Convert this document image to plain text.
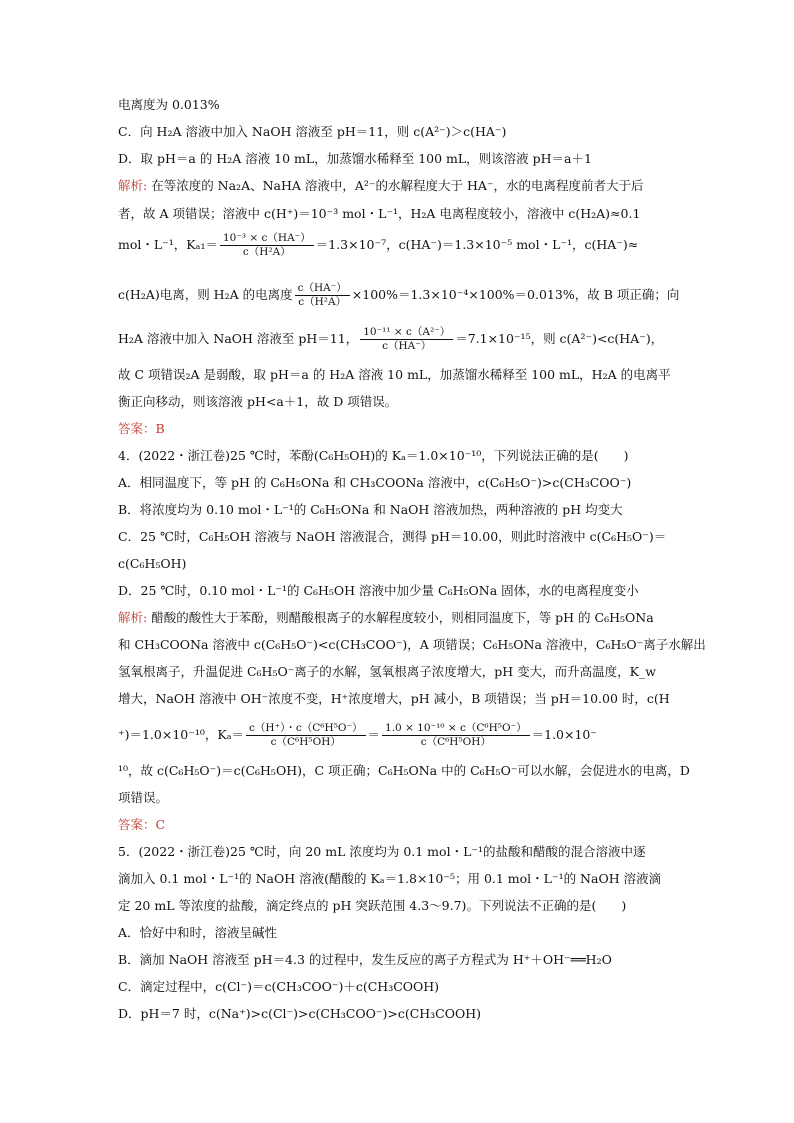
电离度为 0.013%
C．向 H₂A 溶液中加入 NaOH 溶液至 pH＝11，则 c(A²⁻)＞c(HA⁻)
D．取 pH＝a 的 H₂A 溶液 10 mL，加蒸馏水稀释至 100 mL，则该溶液 pH＝a＋1
解析: 在等浓度的 Na₂A、NaHA 溶液中，A²⁻的水解程度大于 HA⁻，水的电离程度前者大于后
者，故 A 项错误；溶液中 c(H⁺)＝10⁻³ mol・L⁻¹，H₂A 电离程度较小，溶液中 c(H₂A)≈0.1
mol・L⁻¹，$K_{a1}= \frac{\text{10⁻³ × c（HA⁻）}}{\text{c（H²A）}} =1.3\times 10^{-7}$，c(HA⁻)＝1.3×10⁻⁵ mol・L⁻¹，c(HA⁻)≈
c(H₂A)电离，则 H₂A 的电离度 $\frac{c(HA^-)}{\text{c（H²A）}} \times 100\%=1.3\times 10^{-4}\times 100\%=0.013\%$，故 B 项正确；向
H₂A 溶液中加入 NaOH 溶液至 pH＝11， $\frac{\text{10⁻¹¹ × c（A²⁻）}}{c(HA^-)} =7.1\times 10^{-15}$，则 c(A²⁻)<c(HA⁻)，
故 C 项错误₂A 是弱酸，取 pH＝a 的 H₂A 溶液 10 mL，加蒸馏水稀释至 100 mL，H₂A 的电离平
衡正向移动，则该溶液 pH<a＋1，故 D 项错误。
答案：B
4．(2022・浙江卷)25 ℃时，苯酚(C₆H₅OH)的 Kₐ＝1.0×10⁻¹⁰，下列说法正确的是(　　)
A．相同温度下，等 pH 的 C₆H₅ONa 和 CH₃COONa 溶液中，c(C₆H₅O⁻)>c(CH₃COO⁻)
B．将浓度均为 0.10 mol・L⁻¹的 C₆H₅ONa 和 NaOH 溶液加热，两种溶液的 pH 均变大
C．25 ℃时，C₆H₅OH 溶液与 NaOH 溶液混合，测得 pH＝10.00，则此时溶液中 c(C₆H₅O⁻)＝
c(C₆H₅OH)
D．25 ℃时，0.10 mol・L⁻¹的 C₆H₅OH 溶液中加少量 C₆H₅ONa 固体，水的电离程度变小
解析: 醋酸的酸性大于苯酚，则醋酸根离子的水解程度较小，则相同温度下，等 pH 的 C₆H₅ONa
和 CH₃COONa 溶液中 c(C₆H₅O⁻)<c(CH₃COO⁻)，A 项错误；C₆H₅ONa 溶液中，C₆H₅O⁻离子水解出
氢氧根离子，升温促进 C₆H₅O⁻离子的水解，氢氧根离子浓度增大，pH 变大，而升高温度，K_w
增大，NaOH 溶液中 OH⁻浓度不变，H⁺浓度增大，pH 减小，B 项错误；当 pH＝10.00 时，c(H
⁺)＝1.0×10⁻¹⁰，$K_a= \frac{\text{c（H⁺）・c（C⁶H⁵O⁻）}}{\text{c（C⁶H⁵OH）}} = \frac{\text{1.0 × 10⁻¹⁰ × c（C⁶H⁵O⁻）}}{\text{c（C⁶H⁵OH）}} =1.0\times 10^-$
¹⁰，故 c(C₆H₅O⁻)＝c(C₆H₅OH)，C 项正确；C₆H₅ONa 中的 C₆H₅O⁻可以水解，会促进水的电离，D
项错误。
答案：C
5．(2022・浙江卷)25 ℃时，向 20 mL 浓度均为 0.1 mol・L⁻¹的盐酸和醋酸的混合溶液中逐
滴加入 0.1 mol・L⁻¹的 NaOH 溶液(醋酸的 Kₐ＝1.8×10⁻⁵；用 0.1 mol・L⁻¹的 NaOH 溶液滴
定 20 mL 等浓度的盐酸，滴定终点的 pH 突跃范围 4.3～9.7)。下列说法不正确的是(　　)
A．恰好中和时，溶液呈碱性
B．滴加 NaOH 溶液至 pH＝4.3 的过程中，发生反应的离子方程式为 H⁺＋OH⁻══H₂O
C．滴定过程中，c(Cl⁻)＝c(CH₃COO⁻)＋c(CH₃COOH)
D．pH＝7 时，c(Na⁺)>c(Cl⁻)>c(CH₃COO⁻)>c(CH₃COOH)
